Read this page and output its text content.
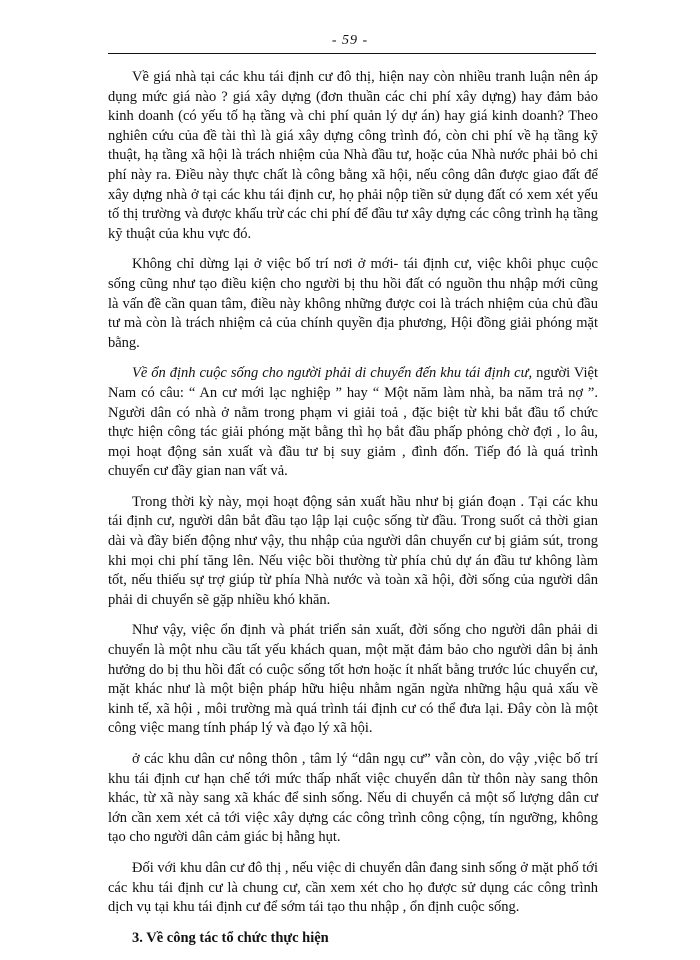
- 59 -

Về giá nhà tại các khu tái định cư đô thị, hiện nay còn nhiều tranh luận nên áp dụng mức giá nào ? giá xây dựng (đơn thuần các chi phí xây dựng) hay đảm bảo kinh doanh (có yếu tố hạ tầng và chi phí quản lý dự án) hay giá kinh doanh? Theo nghiên cứu của đề tài thì là giá xây dựng công trình đó, còn chi phí về hạ tầng kỹ thuật, hạ tầng xã hội là trách nhiệm của Nhà đầu tư, hoặc của Nhà nước phải bỏ chi phí này ra. Điều này thực chất là công bằng xã hội, nếu công dân được giao đất để xây dựng nhà ở tại các khu tái định cư, họ phải nộp tiền sử dụng đất có xem xét yếu tố thị trường và được khấu trừ các chi phí để đầu tư xây dựng các công trình hạ tầng kỹ thuật của khu vực đó.

Không chỉ dừng lại ở việc bố trí nơi ở mới- tái định cư, việc khôi phục cuộc sống cũng như tạo điều kiện cho người bị thu hồi đất có nguồn thu nhập mới cũng là vấn đề cần quan tâm, điều này không những được coi là trách nhiệm của chủ đầu tư mà còn là trách nhiệm cả của chính quyền địa phương, Hội đồng giải phóng mặt bằng.

Về ổn định cuộc sống cho người phải di chuyển đến khu tái định cư, người Việt Nam có câu: “ An cư mới lạc nghiệp ” hay “ Một năm làm nhà, ba năm trả nợ ”. Người dân có nhà ở nằm trong phạm vi giải toả , đặc biệt từ khi bắt đầu tổ chức thực hiện công tác giải phóng mặt bằng thì họ bắt đầu phấp phỏng chờ đợi , lo âu, mọi hoạt động sản xuất và đầu tư bị suy giảm , đình đốn. Tiếp đó là quá trình chuyển cư đầy gian nan vất vả.

Trong thời kỳ này, mọi hoạt động sản xuất hầu như bị gián đoạn . Tại các khu tái định cư, người dân bắt đầu tạo lập lại cuộc sống từ đầu. Trong suốt cả thời gian dài và đầy biến động như vậy, thu nhập của người dân chuyển cư bị giảm sút, trong khi mọi chi phí tăng lên. Nếu việc bồi thường từ phía chủ dự án đầu tư không làm tốt, nếu thiếu sự trợ giúp từ phía Nhà nước và toàn xã hội, đời sống của người dân phải di chuyển sẽ gặp nhiều khó khăn.

Như vậy, việc ổn định và phát triển sản xuất, đời sống cho người dân phải di chuyển là một nhu cầu tất yếu khách quan, một mặt đảm bảo cho người dân bị ảnh hưởng do bị thu hồi đất có cuộc sống tốt hơn hoặc ít nhất bằng trước lúc chuyển cư, mặt khác như là một biện pháp hữu hiệu nhằm ngăn ngừa những hậu quả xấu về kinh tế, xã hội , môi trường mà quá trình tái định cư có thể đưa lại. Đây còn là một công việc mang tính pháp lý và đạo lý xã hội.

ở các khu dân cư nông thôn , tâm lý “dân ngụ cư” vẫn còn, do vậy ,việc bố trí khu tái định cư hạn chế tới mức thấp nhất việc chuyển dân từ thôn này sang thôn khác, từ xã này sang xã khác để sinh sống. Nếu di chuyển cả một số lượng dân cư lớn cần xem xét cả tới việc xây dựng các công trình công cộng, tín ngưỡng, không tạo cho người dân cảm giác bị hẫng hụt.

Đối với khu dân cư đô thị , nếu việc di chuyển dân đang sinh sống ở mặt phố tới các khu tái định cư là chung cư, cần xem xét cho họ được sử dụng các công trình dịch vụ tại khu tái định cư để sớm tái tạo thu nhập , ổn định cuộc sống.

3. Về công tác tổ chức thực hiện
